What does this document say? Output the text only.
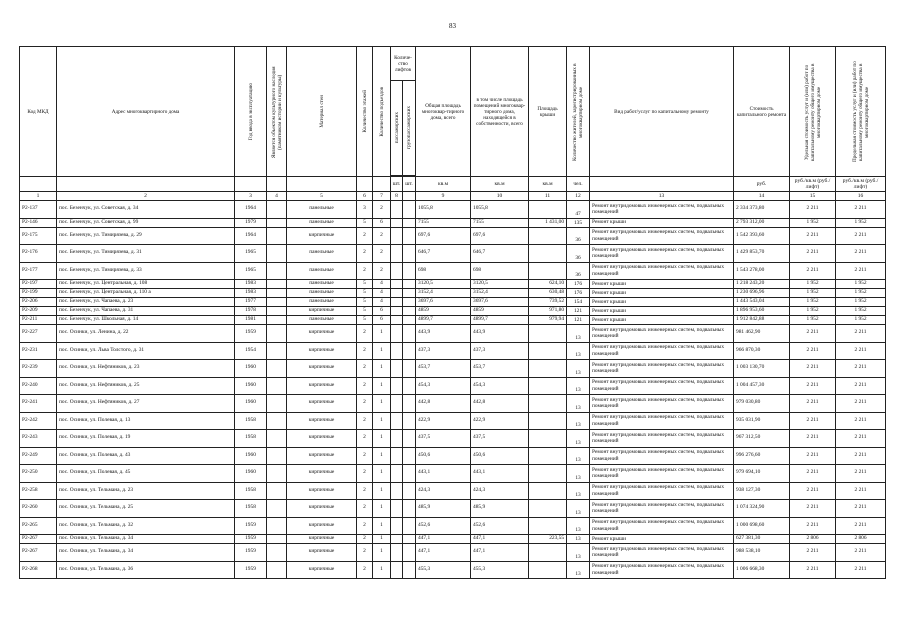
83
Код МКД	Адрес многоквартирного дома	Год ввода в эксплуатацию	Является объектом культурного наследия (памятником истории и культуры)	Материал стен	Количество этажей	Количество подъездов	Количе-ство лифтов		Общая площадь многоквар-тирного дома, всего	в том числе площадь помещений многоквар-тирного дома, находящейся в собственности, всего	Площадь крыши	Количество жителей, зарегистрированных в многоквартирном доме	Вид работ/услуг по капитальному ремонту	Стоимость капитального ремонта	Удельная стоимость услуг и (или) работ по капитальному ремонту общего имущества в многоквартирном доме	Предельная стоимость услуг и (или) работ по капитальному ремонту общего имущества в многоквартирном доме

							пассажирских	грузопассажирских								

							шт.	шт.	кв.м	кв.м	кв.м	чел.		руб.	руб./кв.м (руб./лифт)	руб./кв.м (руб./лифт)
1	2	3	4	5	6	7	8		9	10	11	12	13	14	15	16
Р2-137	пос. Безенчук, ул. Советская, д. 34	1964		панельные	3	2			1055,8	1055,8		47	Ремонт внутридомовых инженерных систем, подвальных помещений	2 334 373,80	2 211	2 211
Р2-146	пос. Безенчук, ул. Советская, д. 99	1979		панельные	5	6			7155	7155	1 431,00	135	Ремонт крыши	2 793 312,00	1 952	1 952
Р2-175	пос. Безенчук, ул. Тимирязева, д. 29	1964		кирпичные	2	2			697,6	697,6		36	Ремонт внутридомовых инженерных систем, подвальных помещений	1 542 393,60	2 211	2 211
Р2-176	пос. Безенчук, ул. Тимирязева, д. 31	1965		панельные	2	2			646,7	646,7		36	Ремонт внутридомовых инженерных систем, подвальных помещений	1 429 853,70	2 211	2 211
Р2-177	пос. Безенчук, ул. Тимирязева, д. 33	1965		панельные	2	2			698	698		36	Ремонт внутридомовых инженерных систем, подвальных помещений	1 543 278,00	2 211	2 211
Р2-197	пос. Безенчук, ул. Центральная, д. 108	1983		панельные	5	4			3120,5	3120,5	624,10	176	Ремонт крыши	1 218 243,20	1 952	1 952
Р2-199	пос. Безенчук, ул. Центральная, д. 110 а	1983		панельные	5	4			3152,4	3152,4	630,48	176	Ремонт крыши	1 230 696,96	1 952	1 952
Р2-206	пос. Безенчук, ул. Чапаева, д. 23	1977		панельные	5	4			3697,6	3697,6	739,52	154	Ремонт крыши	1 443 543,04	1 952	1 952
Р2-209	пос. Безенчук, ул. Чапаева, д. 31	1978		кирпичные	5	6			4859	4859	971,80	121	Ремонт крыши	1 896 953,60	1 952	1 952
Р2-211	пос. Безенчук, ул. Школьная, д. 14	1981		панельные	5	6			4899,7	4899,7	979,94	121	Ремонт крыши	1 912 842,88	1 952	1 952
Р2-227	пос. Осинки, ул. Ленина, д. 22	1959		кирпичные	2	1			443,9	443,9		13	Ремонт внутридомовых инженерных систем, подвальных помещений	981 462,90	2 211	2 211
Р2-231	пос. Осинки, ул. Льва Толстого, д. 31	1954		кирпичные	2	1			437,3	437,3		13	Ремонт внутридомовых инженерных систем, подвальных помещений	966 870,30	2 211	2 211
Р2-239	пос. Осинки, ул. Нефтяников, д. 23	1960		кирпичные	2	1			453,7	453,7		13	Ремонт внутридомовых инженерных систем, подвальных помещений	1 003 130,70	2 211	2 211
Р2-240	пос. Осинки, ул. Нефтяников, д. 25	1960		кирпичные	2	1			454,3	454,3		13	Ремонт внутридомовых инженерных систем, подвальных помещений	1 004 457,30	2 211	2 211
Р2-241	пос. Осинки, ул. Нефтяников, д. 27	1960		кирпичные	2	1			442,8	442,8		13	Ремонт внутридомовых инженерных систем, подвальных помещений	979 030,80	2 211	2 211
Р2-242	пос. Осинки, ул. Полевая, д. 13	1958		кирпичные	2	1			422,9	422,9		13	Ремонт внутридомовых инженерных систем, подвальных помещений	935 031,90	2 211	2 211
Р2-243	пос. Осинки, ул. Полевая, д. 19	1958		кирпичные	2	1			437,5	437,5		13	Ремонт внутридомовых инженерных систем, подвальных помещений	967 312,50	2 211	2 211
Р2-249	пос. Осинки, ул. Полевая, д. 43	1960		кирпичные	2	1			450,6	450,6		13	Ремонт внутридомовых инженерных систем, подвальных помещений	996 276,60	2 211	2 211
Р2-250	пос. Осинки, ул. Полевая, д. 45	1960		кирпичные	2	1			443,1	443,1		13	Ремонт внутридомовых инженерных систем, подвальных помещений	979 694,10	2 211	2 211
Р2-258	пос. Осинки, ул. Тельмана, д. 23	1958		кирпичные	2	1			424,3	424,3		13	Ремонт внутридомовых инженерных систем, подвальных помещений	938 127,30	2 211	2 211
Р2-260	пос. Осинки, ул. Тельмана, д. 25	1958		кирпичные	2	1			485,9	485,9		13	Ремонт внутридомовых инженерных систем, подвальных помещений	1 074 324,90	2 211	2 211
Р2-265	пос. Осинки, ул. Тельмана, д. 32	1959		кирпичные	2	1			452,6	452,6		13	Ремонт внутридомовых инженерных систем, подвальных помещений	1 000 698,60	2 211	2 211
Р2-267	пос. Осинки, ул. Тельмана, д. 34	1959		кирпичные	2	1			447,1	447,1	223,55	13	Ремонт крыши	627 381,30	2 806	2 806
Р2-267	пос. Осинки, ул. Тельмана, д. 34	1959		кирпичные	2	1			447,1	447,1		13	Ремонт внутридомовых инженерных систем, подвальных помещений	988 538,10	2 211	2 211
Р2-268	пос. Осинки, ул. Тельмана, д. 36	1959		кирпичные	2	1			455,3	455,3		13	Ремонт внутридомовых инженерных систем, подвальных помещений	1 006 668,30	2 211	2 211
